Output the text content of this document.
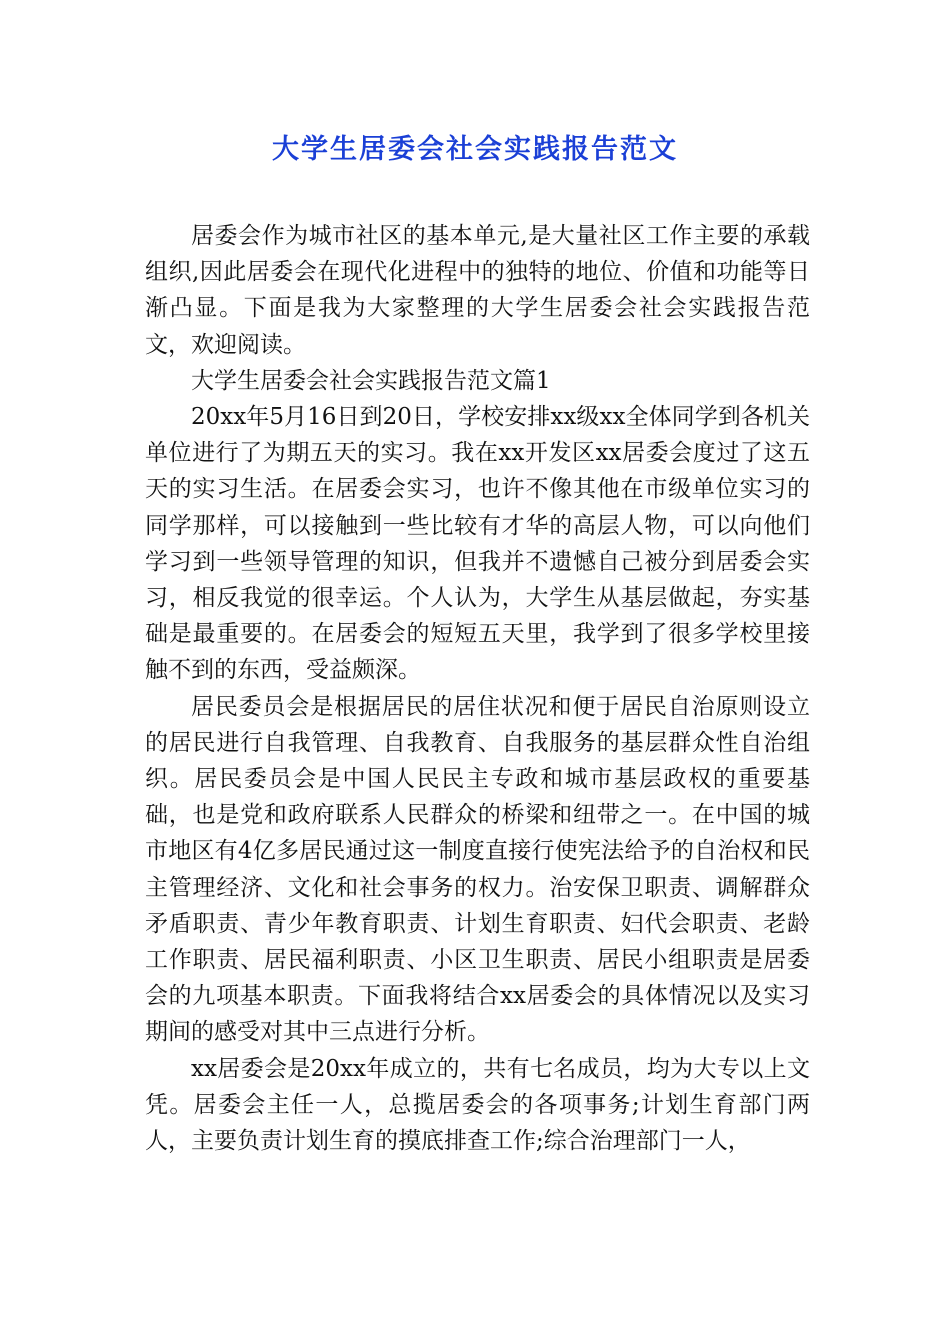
大学生居委会社会实践报告范文

居委会作为城市社区的基本单元,是大量社区工作主要的承载组织,因此居委会在现代化进程中的独特的地位、价值和功能等日渐凸显。下面是我为大家整理的大学生居委会社会实践报告范文，欢迎阅读。

大学生居委会社会实践报告范文篇1

20xx年5月16日到20日，学校安排xx级xx全体同学到各机关单位进行了为期五天的实习。我在xx开发区xx居委会度过了这五天的实习生活。在居委会实习，也许不像其他在市级单位实习的同学那样，可以接触到一些比较有才华的高层人物，可以向他们学习到一些领导管理的知识，但我并不遗憾自己被分到居委会实习，相反我觉的很幸运。个人认为，大学生从基层做起，夯实基础是最重要的。在居委会的短短五天里，我学到了很多学校里接触不到的东西，受益颇深。

居民委员会是根据居民的居住状况和便于居民自治原则设立的居民进行自我管理、自我教育、自我服务的基层群众性自治组织。居民委员会是中国人民民主专政和城市基层政权的重要基础，也是党和政府联系人民群众的桥梁和纽带之一。在中国的城市地区有4亿多居民通过这一制度直接行使宪法给予的自治权和民主管理经济、文化和社会事务的权力。治安保卫职责、调解群众矛盾职责、青少年教育职责、计划生育职责、妇代会职责、老龄工作职责、居民福利职责、小区卫生职责、居民小组职责是居委会的九项基本职责。下面我将结合xx居委会的具体情况以及实习期间的感受对其中三点进行分析。

xx居委会是20xx年成立的，共有七名成员，均为大专以上文凭。居委会主任一人，总揽居委会的各项事务;计划生育部门两人，主要负责计划生育的摸底排查工作;综合治理部门一人，
